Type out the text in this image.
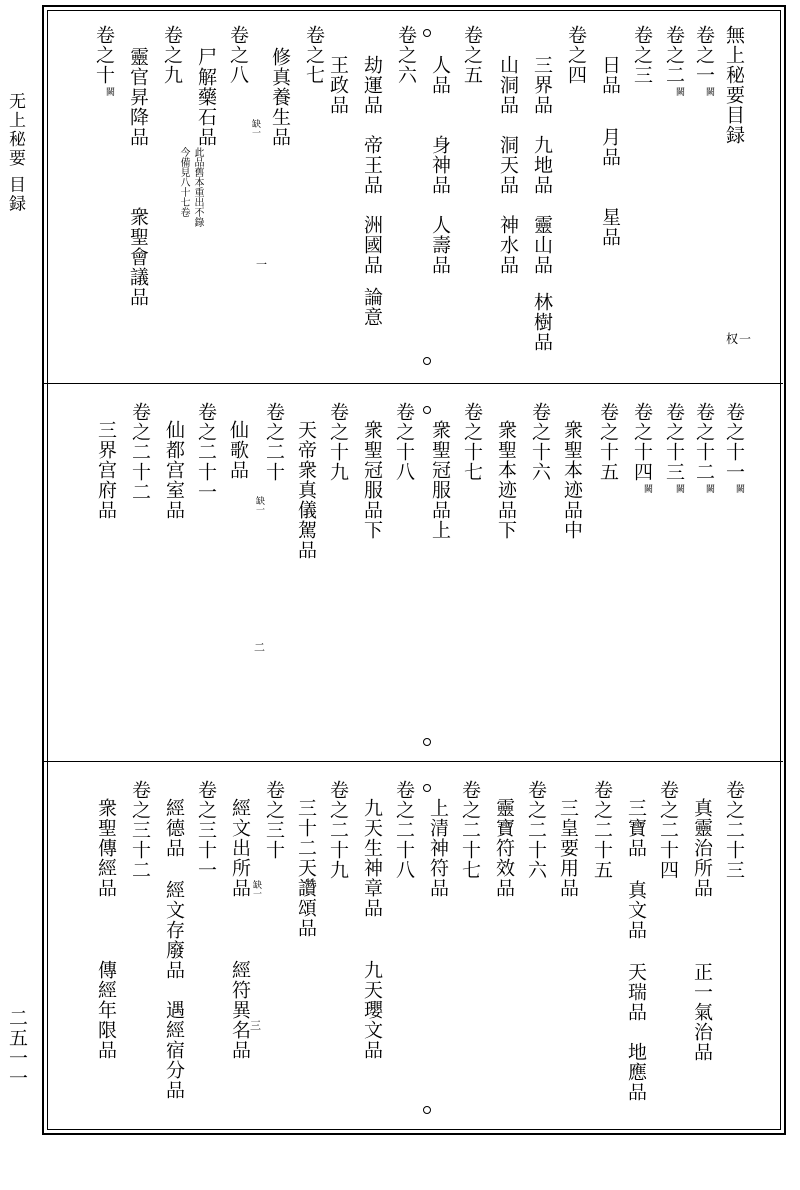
无上秘要 目録
二五一一
無上秘要目録
卷之一闕
卷之二闕
卷之三
日品
月品
星品
卷之四
三界品
九地品
靈山品
林樹品
山洞品
洞天品
神水品
卷之五
人品
身神品
人壽品
卷之六
劫運品
帝王品
洲國品
論意
卷之七 王政品
修真養生品
缺一
卷之八
尸解藥石品
此品舊本重出不錄
今備見八十七卷
一
卷之九
靈官昇降品
衆聖會議品
卷之十闕
权一
卷之十一闕
卷之十二闕
卷之十三闕
卷之十四闕
卷之十五
衆聖本迹品中
卷之十六
衆聖本迹品下
卷之十七
衆聖冠服品上
卷之十八
衆聖冠服品下
卷之十九
天帝衆真儀駕品
卷之二十
仙歌品
缺一
二
卷之二十一
仙都宫室品
卷之二十二
三界宫府品
卷之二十三
真靈治所品
正一氣治品
卷之二十四
三寶品
真文品
天瑞品
地應品
卷之二十五
三皇要用品
卷之二十六
靈寶符效品
卷之二十七
上清神符品
卷之二十八
九天生神章品
九天瓔文品
卷之二十九
三十二天讚頌品
卷之三十
經文出所品
經符異名品
缺一
三
卷之三十一
經德品
經文存廢品
遇經宿分品
卷之三十二
衆聖傳經品
傳經年限品
